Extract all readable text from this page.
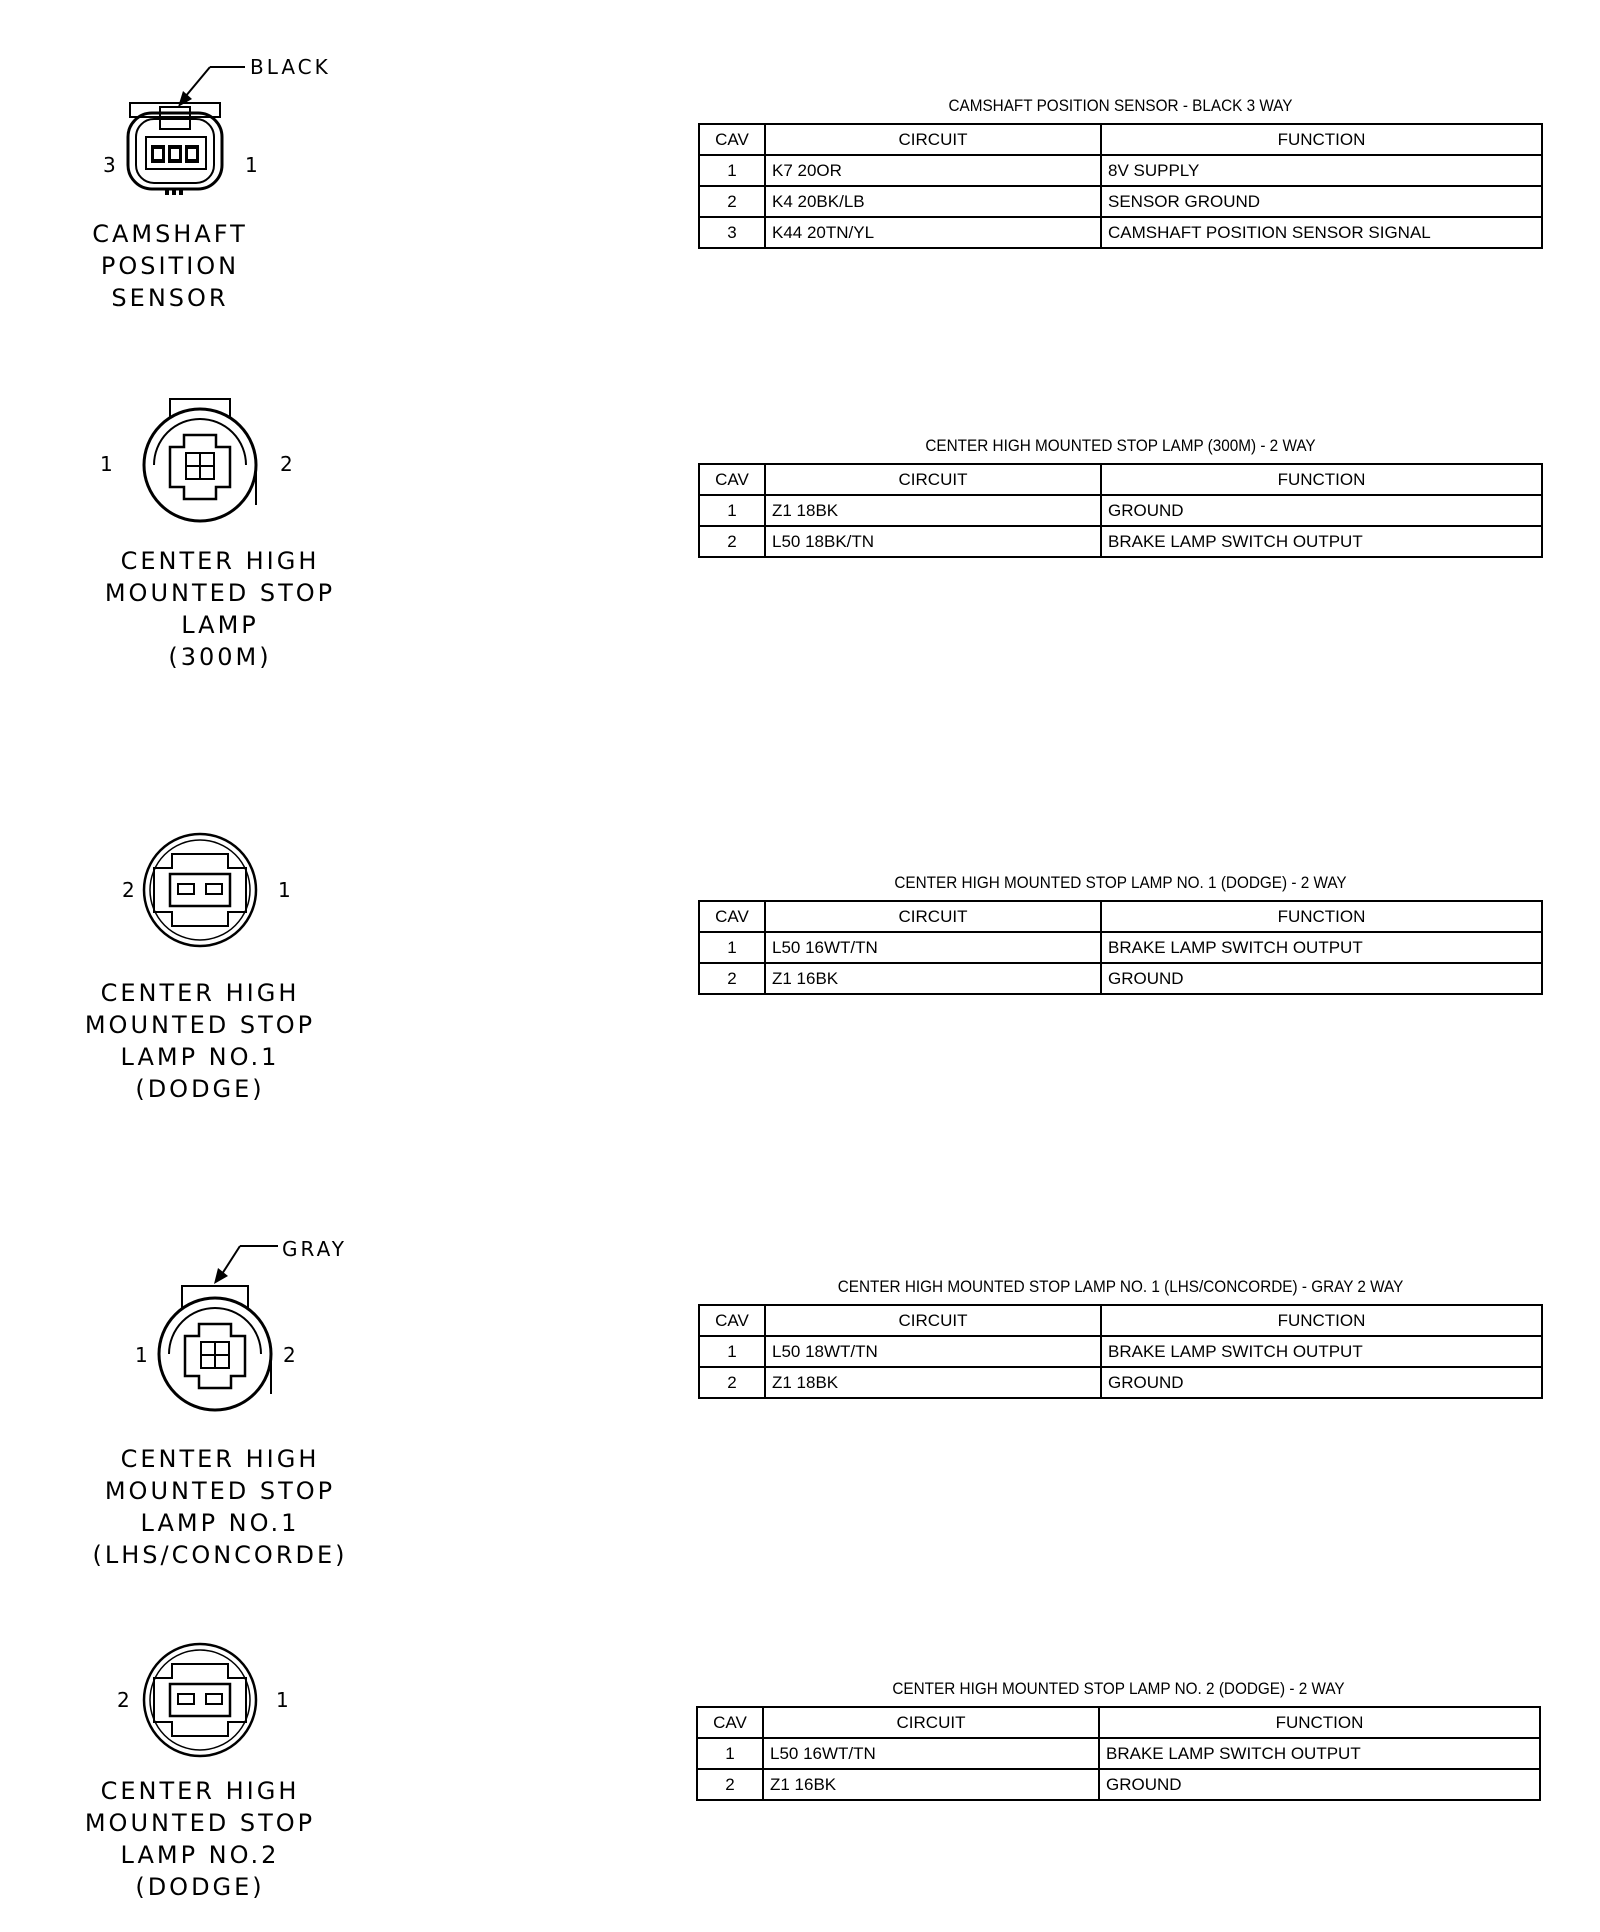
BLACK
3	1
CAMSHAFT
POSITION
SENSOR
CAMSHAFT POSITION SENSOR - BLACK 3 WAY
CAV	CIRCUIT	FUNCTION
1	K7 20OR	8V SUPPLY
2	K4 20BK/LB	SENSOR GROUND
3	K44 20TN/YL	CAMSHAFT POSITION SENSOR SIGNAL
1	2
CENTER HIGH
MOUNTED STOP
LAMP
(300M)
CENTER HIGH MOUNTED STOP LAMP (300M) - 2 WAY
CAV	CIRCUIT	FUNCTION
1	Z1 18BK	GROUND
2	L50 18BK/TN	BRAKE LAMP SWITCH OUTPUT
2	1
CENTER HIGH
MOUNTED STOP
LAMP NO.1
(DODGE)
CENTER HIGH MOUNTED STOP LAMP NO. 1 (DODGE) - 2 WAY
CAV	CIRCUIT	FUNCTION
1	L50 16WT/TN	BRAKE LAMP SWITCH OUTPUT
2	Z1 16BK	GROUND
GRAY
1	2
CENTER HIGH
MOUNTED STOP
LAMP NO.1
(LHS/CONCORDE)
CENTER HIGH MOUNTED STOP LAMP NO. 1 (LHS/CONCORDE) - GRAY 2 WAY
CAV	CIRCUIT	FUNCTION
1	L50 18WT/TN	BRAKE LAMP SWITCH OUTPUT
2	Z1 18BK	GROUND
2	1
CENTER HIGH
MOUNTED STOP
LAMP NO.2
(DODGE)
CENTER HIGH MOUNTED STOP LAMP NO. 2 (DODGE) - 2 WAY
CAV	CIRCUIT	FUNCTION
1	L50 16WT/TN	BRAKE LAMP SWITCH OUTPUT
2	Z1 16BK	GROUND
